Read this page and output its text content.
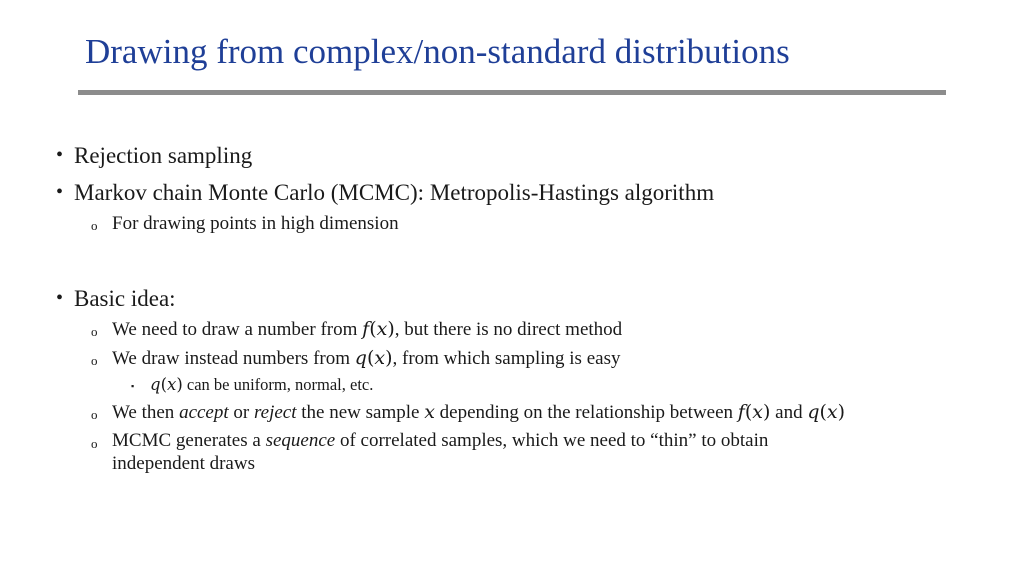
Drawing from complex/non-standard distributions
• Rejection sampling
• Markov chain Monte Carlo (MCMC): Metropolis-Hastings algorithm
o For drawing points in high dimension
• Basic idea:
o We need to draw a number from f(x), but there is no direct method
o We draw instead numbers from q(x), from which sampling is easy
▪ q(x) can be uniform, normal, etc.
o We then accept or reject the new sample x depending on the relationship between f(x) and q(x)
o MCMC generates a sequence of correlated samples, which we need to “thin” to obtain
independent draws
